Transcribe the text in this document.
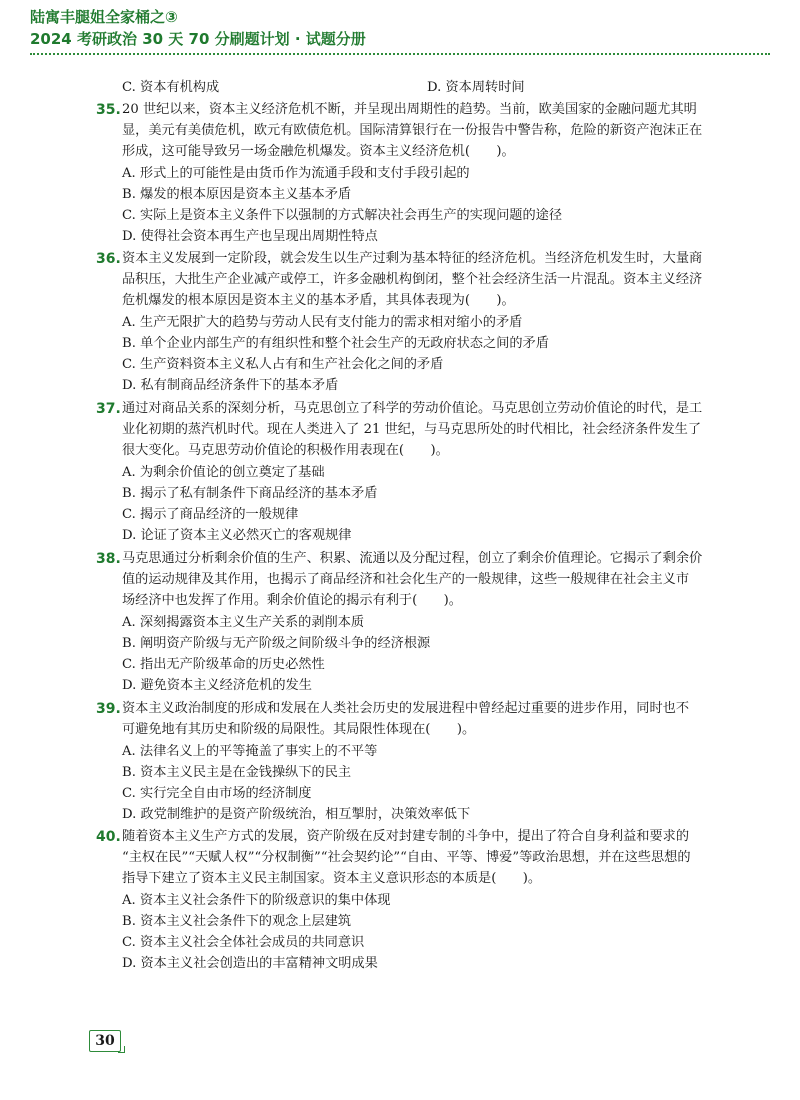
陆寓丰腿姐全家桶之③
2024 考研政治 30 天 70 分刷题计划 · 试题分册
C. 资本有机构成	D. 资本周转时间
35. 20 世纪以来，资本主义经济危机不断，并呈现出周期性的趋势。当前，欧美国家的金融问题尤其明
显，美元有美债危机，欧元有欧债危机。国际清算银行在一份报告中警告称，危险的新资产泡沫正在
形成，这可能导致另一场金融危机爆发。资本主义经济危机(　　)。
A. 形式上的可能性是由货币作为流通手段和支付手段引起的
B. 爆发的根本原因是资本主义基本矛盾
C. 实际上是资本主义条件下以强制的方式解决社会再生产的实现问题的途径
D. 使得社会资本再生产也呈现出周期性特点
36. 资本主义发展到一定阶段，就会发生以生产过剩为基本特征的经济危机。当经济危机发生时，大量商
品积压，大批生产企业减产或停工，许多金融机构倒闭，整个社会经济生活一片混乱。资本主义经济
危机爆发的根本原因是资本主义的基本矛盾，其具体表现为(　　)。
A. 生产无限扩大的趋势与劳动人民有支付能力的需求相对缩小的矛盾
B. 单个企业内部生产的有组织性和整个社会生产的无政府状态之间的矛盾
C. 生产资料资本主义私人占有和生产社会化之间的矛盾
D. 私有制商品经济条件下的基本矛盾
37. 通过对商品关系的深刻分析，马克思创立了科学的劳动价值论。马克思创立劳动价值论的时代，是工
业化初期的蒸汽机时代。现在人类进入了 21 世纪，与马克思所处的时代相比，社会经济条件发生了
很大变化。马克思劳动价值论的积极作用表现在(　　)。
A. 为剩余价值论的创立奠定了基础
B. 揭示了私有制条件下商品经济的基本矛盾
C. 揭示了商品经济的一般规律
D. 论证了资本主义必然灭亡的客观规律
38. 马克思通过分析剩余价值的生产、积累、流通以及分配过程，创立了剩余价值理论。它揭示了剩余价
值的运动规律及其作用，也揭示了商品经济和社会化生产的一般规律，这些一般规律在社会主义市
场经济中也发挥了作用。剩余价值论的揭示有利于(　　)。
A. 深刻揭露资本主义生产关系的剥削本质
B. 阐明资产阶级与无产阶级之间阶级斗争的经济根源
C. 指出无产阶级革命的历史必然性
D. 避免资本主义经济危机的发生
39. 资本主义政治制度的形成和发展在人类社会历史的发展进程中曾经起过重要的进步作用，同时也不
可避免地有其历史和阶级的局限性。其局限性体现在(　　)。
A. 法律名义上的平等掩盖了事实上的不平等
B. 资本主义民主是在金钱操纵下的民主
C. 实行完全自由市场的经济制度
D. 政党制维护的是资产阶级统治，相互掣肘，决策效率低下
40. 随着资本主义生产方式的发展，资产阶级在反对封建专制的斗争中，提出了符合自身利益和要求的
“主权在民”“天赋人权”“分权制衡”“社会契约论”“自由、平等、博爱”等政治思想，并在这些思想的
指导下建立了资本主义民主制国家。资本主义意识形态的本质是(　　)。
A. 资本主义社会条件下的阶级意识的集中体现
B. 资本主义社会条件下的观念上层建筑
C. 资本主义社会全体社会成员的共同意识
D. 资本主义社会创造出的丰富精神文明成果
30
